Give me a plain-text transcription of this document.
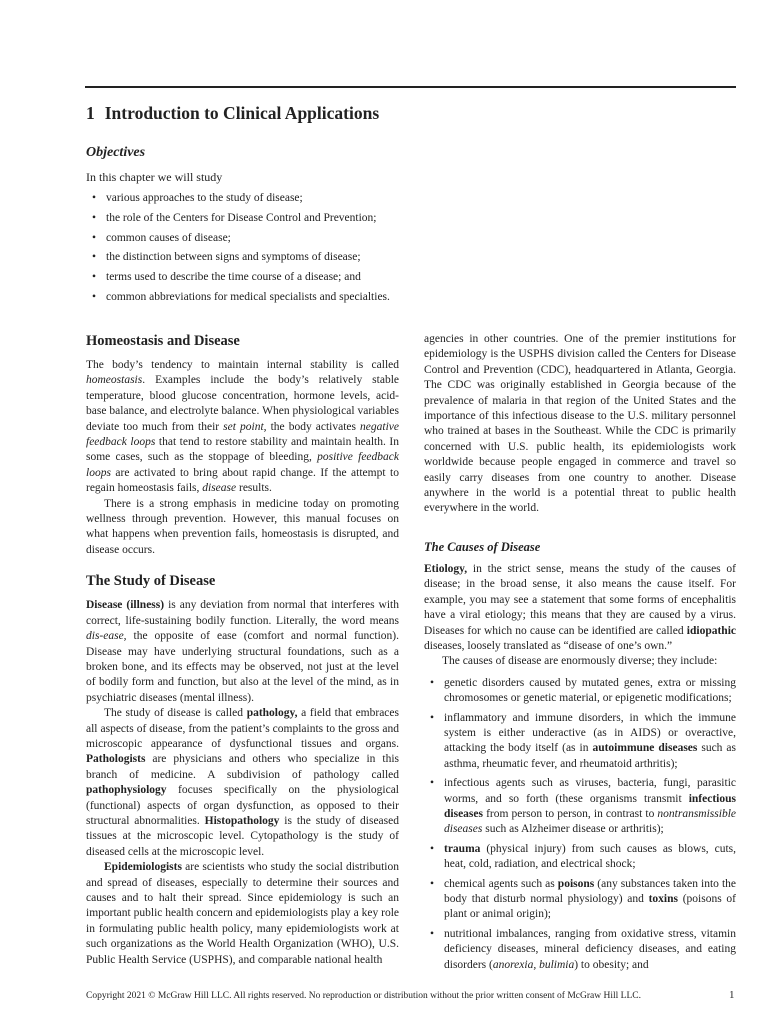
1 Introduction to Clinical Applications
Objectives

In this chapter we will study

• various approaches to the study of disease;
• the role of the Centers for Disease Control and Prevention;
• common causes of disease;
• the distinction between signs and symptoms of disease;
• terms used to describe the time course of a disease; and
• common abbreviations for medical specialists and specialties.
Homeostasis and Disease

The body’s tendency to maintain internal stability is called homeostasis. Examples include the body’s relatively stable temperature, blood glucose concentration, hormone levels, acid-base balance, and electrolyte balance. When physiological variables deviate too much from their set point, the body activates negative feedback loops that tend to restore stability and maintain health. In some cases, such as the stoppage of bleeding, positive feedback loops are activated to bring about rapid change. If the attempt to regain homeostasis fails, disease results.

There is a strong emphasis in medicine today on promoting wellness through prevention. However, this manual focuses on what happens when prevention fails, homeostasis is disrupted, and disease occurs.

The Study of Disease

Disease (illness) is any deviation from normal that interferes with correct, life-sustaining bodily function. Literally, the word means dis-ease, the opposite of ease (comfort and normal function). Disease may have underlying structural foundations, such as a broken bone, and its effects may be observed, not just at the level of bodily form and function, but also at the level of the mind, as in psychiatric diseases (mental illness).

The study of disease is called pathology, a field that embraces all aspects of disease, from the patient’s complaints to the gross and microscopic appearance of dysfunctional tissues and organs. Pathologists are physicians and others who specialize in this branch of medicine. A subdivision of pathology called pathophysiology focuses specifically on the physiological (functional) aspects of organ dysfunction, as opposed to their structural abnormalities. Histopathology is the study of diseased tissues at the microscopic level. Cytopathology is the study of diseased cells at the microscopic level.

Epidemiologists are scientists who study the social distribution and spread of diseases, especially to determine their sources and causes and to halt their spread. Since epidemiology is such an important public health concern and epidemiologists play a key role in formulating public health policy, many epidemiologists work at such organizations as the World Health Organization (WHO), U.S. Public Health Service (USPHS), and comparable national health

agencies in other countries. One of the premier institutions for epidemiology is the USPHS division called the Centers for Disease Control and Prevention (CDC), headquartered in Atlanta, Georgia. The CDC was originally established in Georgia because of the prevalence of malaria in that region of the United States and the importance of this infectious disease to the U.S. military personnel who trained at bases in the Southeast. While the CDC is primarily concerned with U.S. public health, its epidemiologists work worldwide because people engaged in commerce and travel so easily carry diseases from one country to another. Disease anywhere in the world is a potential threat to public health everywhere in the world.

The Causes of Disease

Etiology, in the strict sense, means the study of the causes of disease; in the broad sense, it also means the cause itself. For example, you may see a statement that some forms of encephalitis have a viral etiology; this means that they are caused by a virus. Diseases for which no cause can be identified are called idiopathic diseases, loosely translated as “disease of one’s own.”

The causes of disease are enormously diverse; they include:

• genetic disorders caused by mutated genes, extra or missing chromosomes or genetic material, or epigenetic modifications;
• inflammatory and immune disorders, in which the immune system is either underactive (as in AIDS) or overactive, attacking the body itself (as in autoimmune diseases such as asthma, rheumatic fever, and rheumatoid arthritis);
• infectious agents such as viruses, bacteria, fungi, parasitic worms, and so forth (these organisms transmit infectious diseases from person to person, in contrast to nontransmissible diseases such as Alzheimer disease or arthritis);
• trauma (physical injury) from such causes as blows, cuts, heat, cold, radiation, and electrical shock;
• chemical agents such as poisons (any substances taken into the body that disturb normal physiology) and toxins (poisons of plant or animal origin);
• nutritional imbalances, ranging from oxidative stress, vitamin deficiency diseases, mineral deficiency diseases, and eating disorders (anorexia, bulimia) to obesity; and

Copyright 2021 © McGraw Hill LLC. All rights reserved. No reproduction or distribution without the prior written consent of McGraw Hill LLC.	1
